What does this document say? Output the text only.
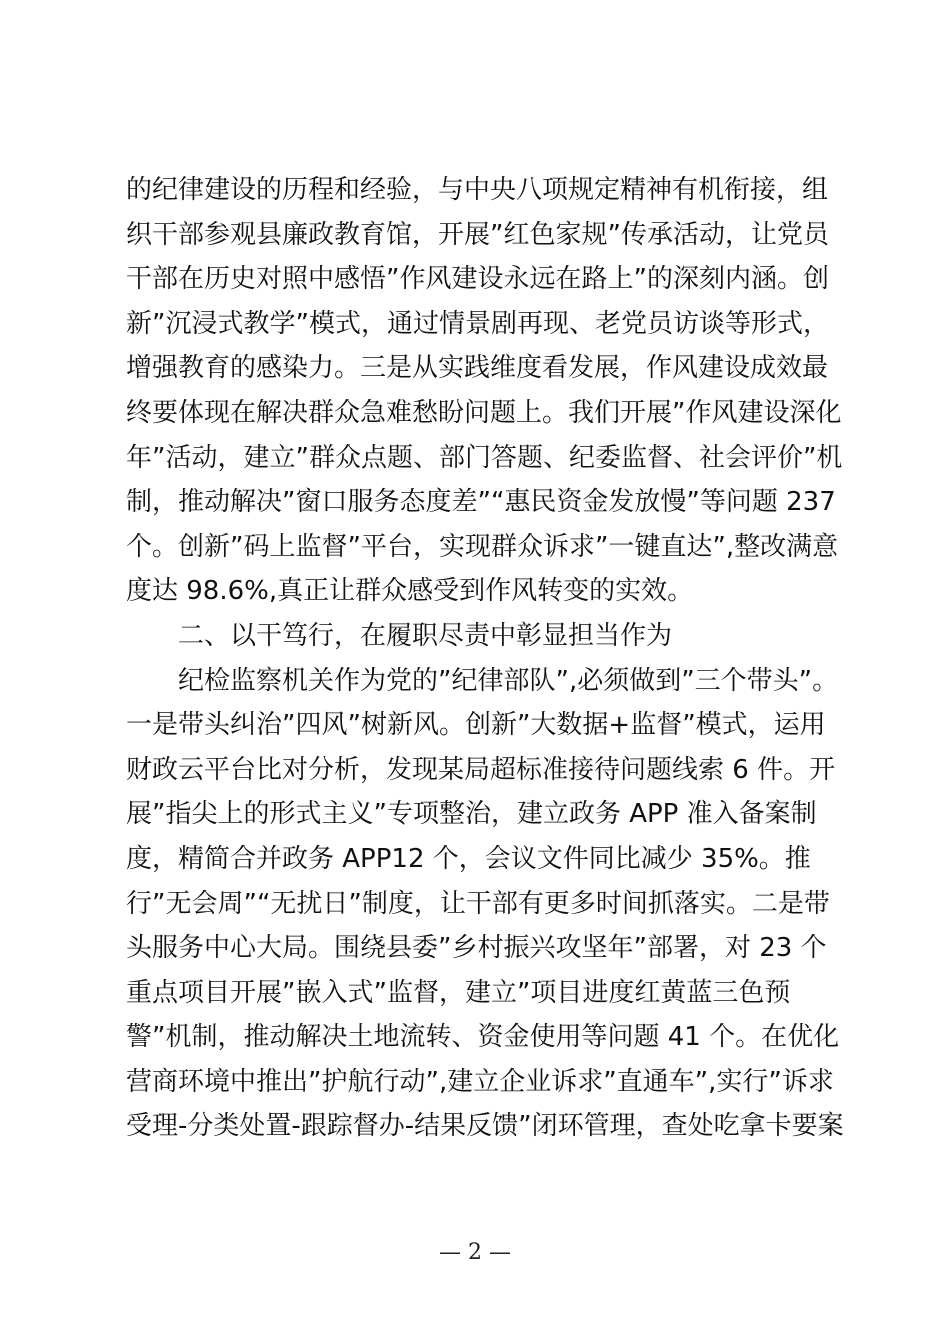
的纪律建设的历程和经验，与中央八项规定精神有机衔接，组
织干部参观县廉政教育馆，开展”红色家规”传承活动，让党员
干部在历史对照中感悟”作风建设永远在路上”的深刻内涵。创
新”沉浸式教学”模式，通过情景剧再现、老党员访谈等形式，
增强教育的感染力。三是从实践维度看发展，作风建设成效最
终要体现在解决群众急难愁盼问题上。我们开展”作风建设深化
年”活动，建立”群众点题、部门答题、纪委监督、社会评价”机
制，推动解决”窗口服务态度差”“惠民资金发放慢”等问题 237
个。创新”码上监督”平台，实现群众诉求”一键直达”,整改满意
度达 98.6%,真正让群众感受到作风转变的实效。
二、以干笃行，在履职尽责中彰显担当作为
纪检监察机关作为党的”纪律部队”,必须做到”三个带头”。
一是带头纠治”四风”树新风。创新”大数据+监督”模式，运用
财政云平台比对分析，发现某局超标准接待问题线索 6 件。开
展”指尖上的形式主义”专项整治，建立政务 APP 准入备案制
度，精简合并政务 APP12 个，会议文件同比减少 35%。推
行”无会周”“无扰日”制度，让干部有更多时间抓落实。二是带
头服务中心大局。围绕县委”乡村振兴攻坚年”部署，对 23 个
重点项目开展”嵌入式”监督，建立”项目进度红黄蓝三色预
警”机制，推动解决土地流转、资金使用等问题 41 个。在优化
营商环境中推出”护航行动”,建立企业诉求”直通车”,实行”诉求
受理-分类处置-跟踪督办-结果反馈”闭环管理，查处吃拿卡要案
— 2 —
